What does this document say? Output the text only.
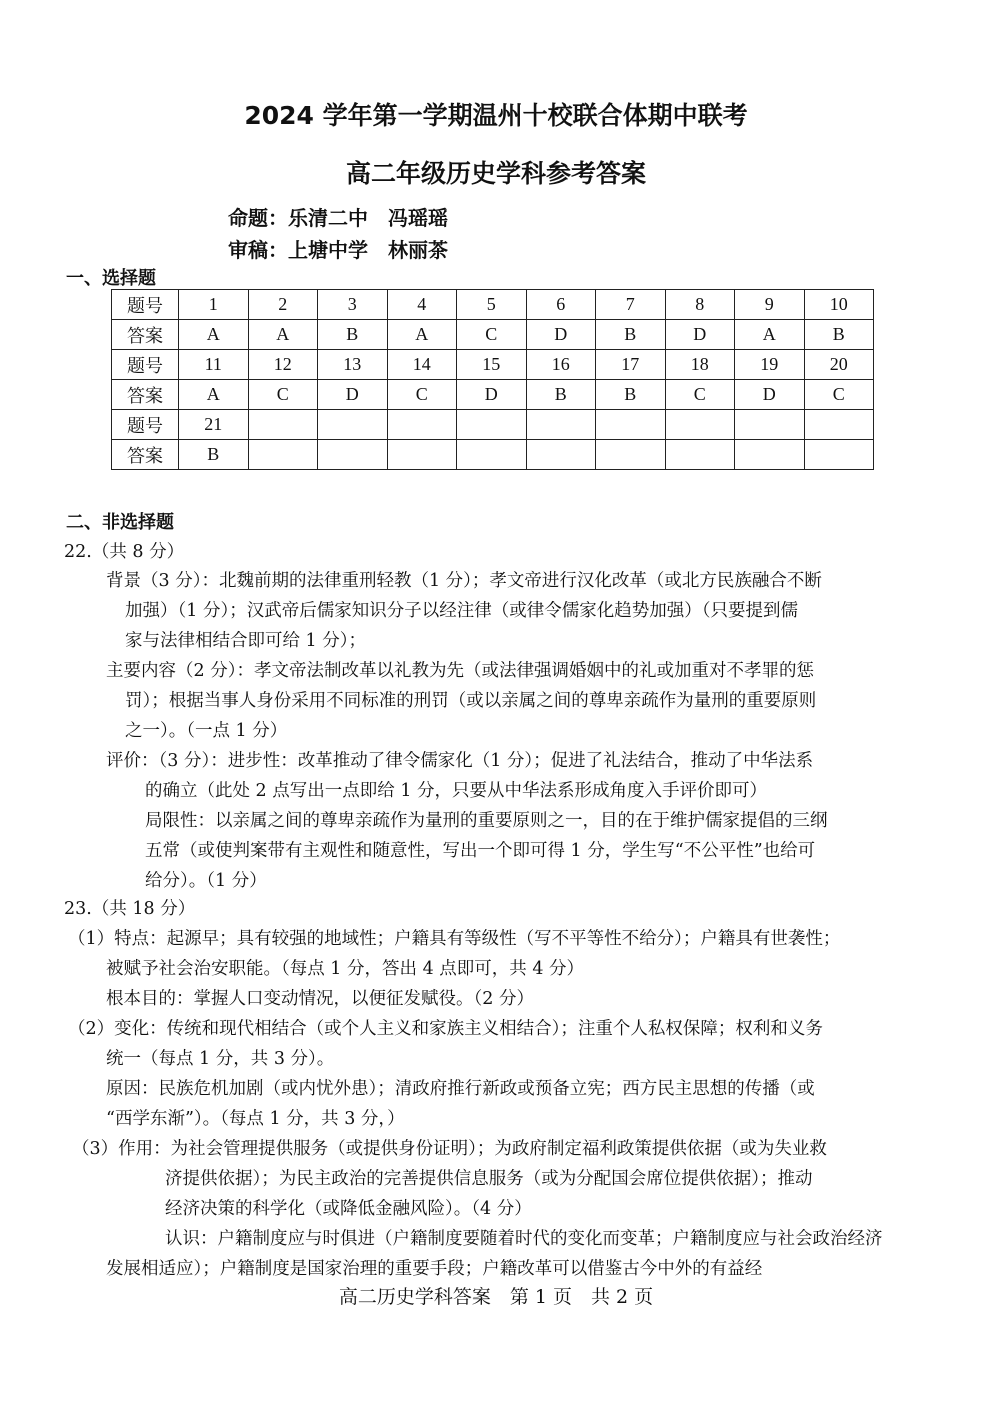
2024 学年第一学期温州十校联合体期中联考
高二年级历史学科参考答案
命题：乐清二中　冯瑶瑶
审稿：上塘中学　林丽茶
一、选择题
题号	1	2	3	4	5	6	7	8	9	10
答案	A	A	B	A	C	D	B	D	A	B
题号	11	12	13	14	15	16	17	18	19	20
答案	A	C	D	C	D	B	B	C	D	C
题号	21									
答案	B									
二、非选择题
22.（共 8 分）
背景（3 分）：北魏前期的法律重刑轻教（1 分）；孝文帝进行汉化改革（或北方民族融合不断
加强）（1 分）；汉武帝后儒家知识分子以经注律（或律令儒家化趋势加强）（只要提到儒
家与法律相结合即可给 1 分）；
主要内容（2 分）：孝文帝法制改革以礼教为先（或法律强调婚姻中的礼或加重对不孝罪的惩
罚）；根据当事人身份采用不同标准的刑罚（或以亲属之间的尊卑亲疏作为量刑的重要原则
之一）。（一点 1 分）
评价：（3 分）：进步性：改革推动了律令儒家化（1 分）；促进了礼法结合，推动了中华法系
的确立（此处 2 点写出一点即给 1 分，只要从中华法系形成角度入手评价即可）
局限性：以亲属之间的尊卑亲疏作为量刑的重要原则之一，目的在于维护儒家提倡的三纲
五常（或使判案带有主观性和随意性，写出一个即可得 1 分，学生写“不公平性”也给可
给分）。（1 分）
23.（共 18 分）
（1）特点：起源早；具有较强的地域性；户籍具有等级性（写不平等性不给分）；户籍具有世袭性；
被赋予社会治安职能。（每点 1 分，答出 4 点即可，共 4 分）
根本目的：掌握人口变动情况，以便征发赋役。（2 分）
（2）变化：传统和现代相结合（或个人主义和家族主义相结合）；注重个人私权保障；权利和义务
统一（每点 1 分，共 3 分）。
原因：民族危机加剧（或内忧外患）；清政府推行新政或预备立宪；西方民主思想的传播（或
“西学东渐”）。（每点 1 分，共 3 分，）
（3）作用：为社会管理提供服务（或提供身份证明）；为政府制定福利政策提供依据（或为失业救
济提供依据）；为民主政治的完善提供信息服务（或为分配国会席位提供依据）；推动
经济决策的科学化（或降低金融风险）。（4 分）
认识：户籍制度应与时俱进（户籍制度要随着时代的变化而变革；户籍制度应与社会政治经济
发展相适应）；户籍制度是国家治理的重要手段；户籍改革可以借鉴古今中外的有益经
高二历史学科答案　第 1 页　共 2 页
